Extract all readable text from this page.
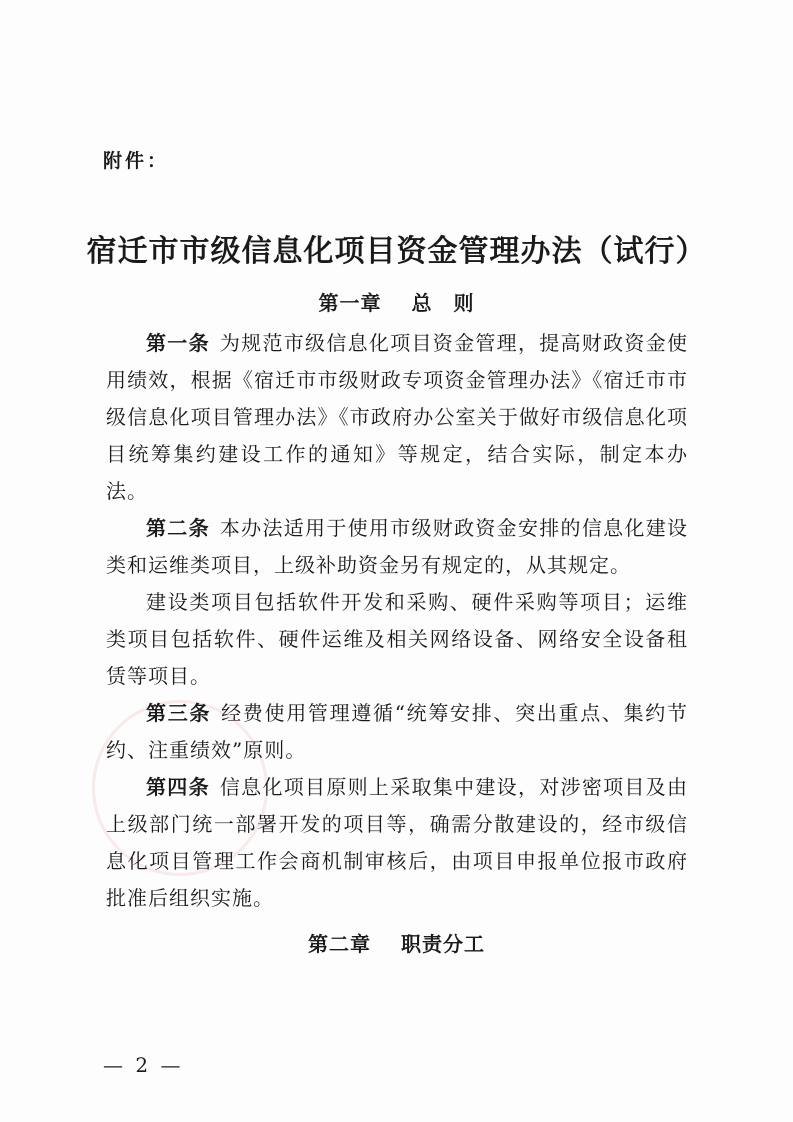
附件：
宿迁市市级信息化项目资金管理办法（试行）
第一章 总　则
第一条 为规范市级信息化项目资金管理，提高财政资金使用绩效，根据《宿迁市市级财政专项资金管理办法》《宿迁市市级信息化项目管理办法》《市政府办公室关于做好市级信息化项目统筹集约建设工作的通知》等规定，结合实际，制定本办法。
第二条 本办法适用于使用市级财政资金安排的信息化建设类和运维类项目，上级补助资金另有规定的，从其规定。
建设类项目包括软件开发和采购、硬件采购等项目；运维类项目包括软件、硬件运维及相关网络设备、网络安全设备租赁等项目。
第三条 经费使用管理遵循“统筹安排、突出重点、集约节约、注重绩效”原则。
第四条 信息化项目原则上采取集中建设，对涉密项目及由上级部门统一部署开发的项目等，确需分散建设的，经市级信息化项目管理工作会商机制审核后，由项目申报单位报市政府批准后组织实施。
第二章 职责分工
— 2 —
